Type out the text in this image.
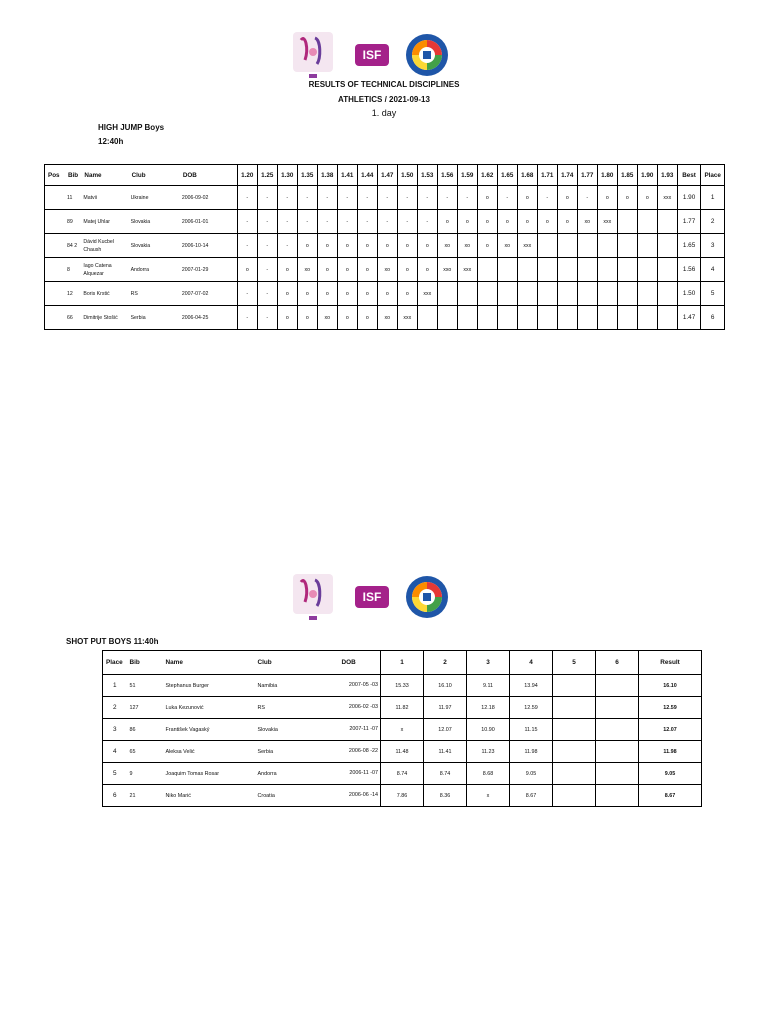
ISF
RESULTS OF TECHNICAL DISCIPLINES
ATHLETICS / 2021-09-13
1. day
HIGH JUMP Boys
12:40h
Pos	Bib	Name	Club	DOB	1.20	1.25	1.30	1.35	1.38	1.41	1.44	1.47	1.50	1.53	1.56	1.59	1.62	1.65	1.68	1.71	1.74	1.77	1.80	1.85	1.90	1.93	Best	Place
	11	Matvii	Ukraine	2006-09-02	-	-	-	-	-	-	-	-	-	-	-	-	o	-	o	-	o	-	o	o	o	xxx	1.90	1
	89	Matej Uhlar	Slovakia	2006-01-01	-	-	-	-	-	-	-	-	-	-	o	o	o	o	o	o	o	xo	xxx				1.77	2
	84 2	Dávid Kucbel Chaush	Slovakia	2006-10-14	-	-	-	o	o	o	o	o	o	o	xo	xo	o	xo	xxx								1.65	3
	8	Iago Catena Alquezar	Andorra	2007-01-29	o	-	o	xo	o	o	o	xo	o	o	xxo	xxx											1.56	4
	12	Boris Krstić	RS	2007-07-02	-	-	o	o	o	o	o	o	o	xxx													1.50	5
	66	Dimitrije Stošić	Serbia	2006-04-25	-	-	o	o	xo	o	o	xo	xxx														1.47	6
ISF
SHOT PUT BOYS 11:40h
Place	Bib	Name	Club	DOB	1	2	3	4	5	6	Result
1	51	Stephanus Burger	Namibia	2007-05 -03	15.33	16.10	9.11	13.94			16.10
2	127	Luka Kezunović	RS	2006-02 -03	11.82	11.97	12.18	12.59			12.59
3	86	František Vagaský	Slovakia	2007-11 -07	x	12.07	10.90	11.15			12.07
4	65	Aleksa Velić	Serbia	2006-08 -22	11.48	11.41	11.23	11.98			11.98
5	9	Joaquim Tomas Rosar	Andorra	2006-11 -07	8.74	8.74	8.68	9.05			9.05
6	21	Niko Marić	Croatia	2006-06 -14	7.86	8.36	x	8.67			8.67
